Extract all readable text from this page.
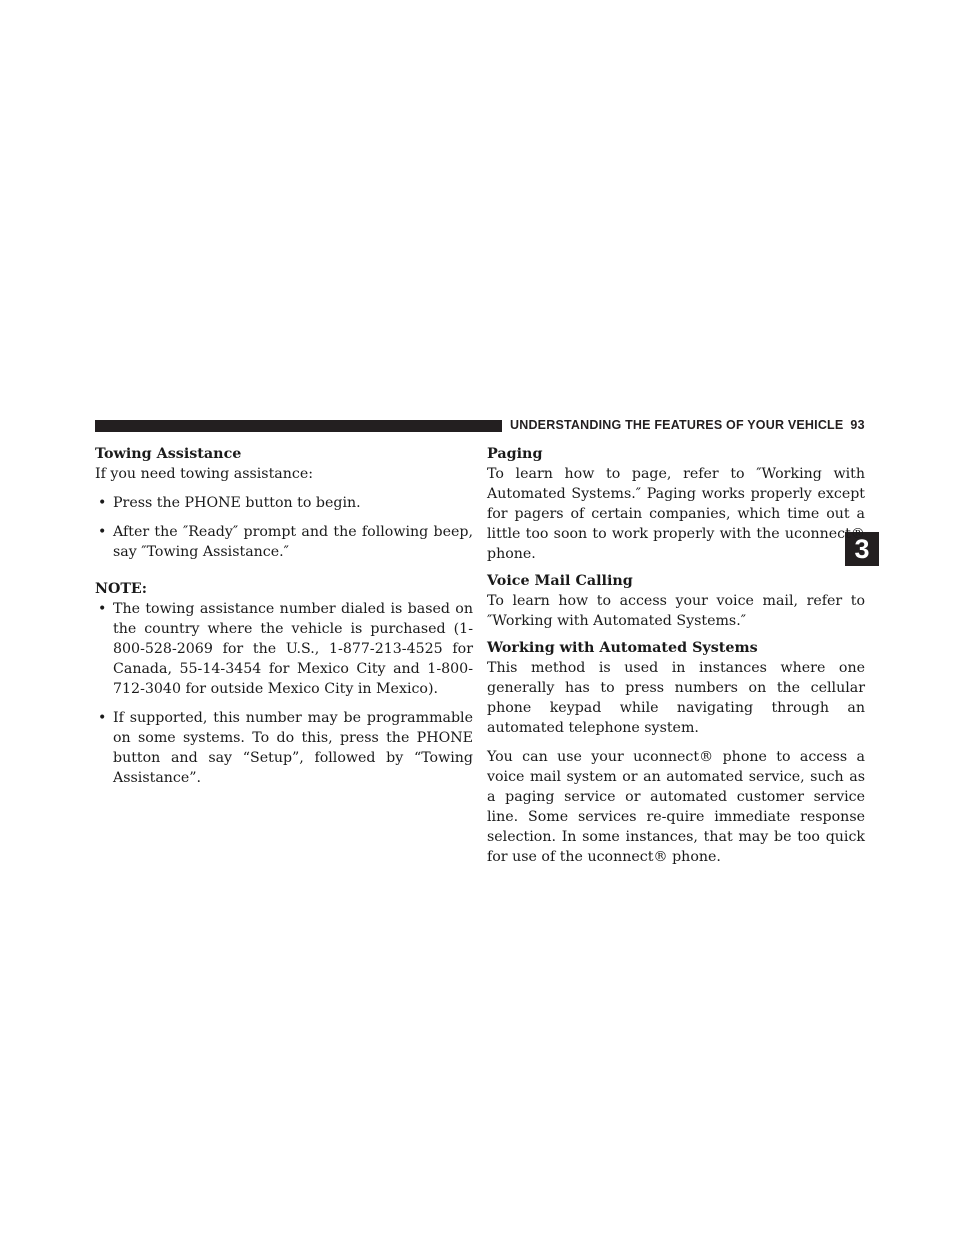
UNDERSTANDING THE FEATURES OF YOUR VEHICLE 93
3
Towing Assistance

If you need towing assistance:

• Press the PHONE button to begin.
• After the ″Ready″ prompt and the following beep, say ″Towing Assistance.″
NOTE:
• The towing assistance number dialed is based on the country where the vehicle is purchased (1-800-528-2069 for the U.S., 1-877-213-4525 for Canada, 55-14-3454 for Mexico City and 1-800-712-3040 for outside Mexico City in Mexico).
• If supported, this number may be programmable on some systems. To do this, press the PHONE button and say “Setup”, followed by “Towing Assistance”.
Paging

To learn how to page, refer to ″Working with Automated Systems.″ Paging works properly except for pagers of certain companies, which time out a little too soon to work properly with the uconnect® phone.

Voice Mail Calling

To learn how to access your voice mail, refer to ″Working with Automated Systems.″

Working with Automated Systems

This method is used in instances where one generally has to press numbers on the cellular phone keypad while navigating through an automated telephone system.

You can use your uconnect® phone to access a voice mail system or an automated service, such as a paging service or automated customer service line. Some services re-quire immediate response selection. In some instances, that may be too quick for use of the uconnect® phone.
